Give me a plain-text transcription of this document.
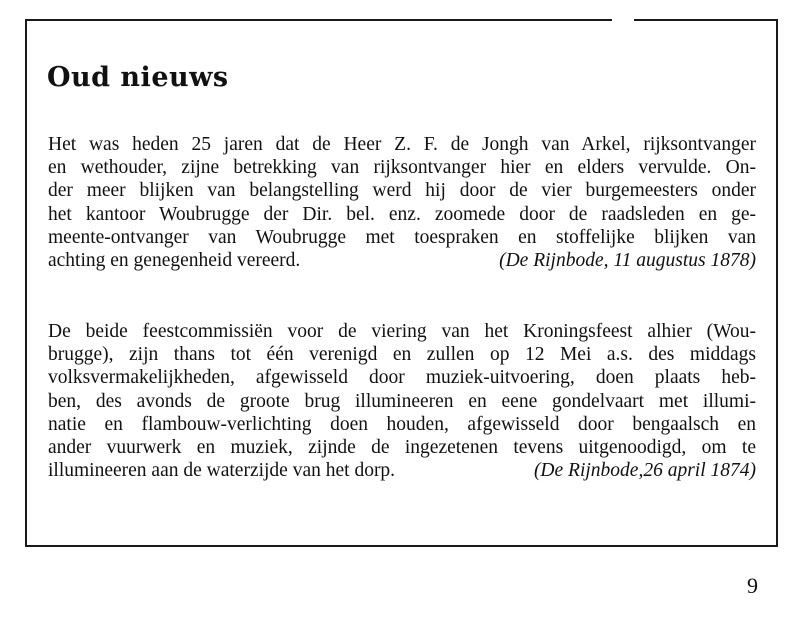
Oud nieuws
Het was heden 25 jaren dat de Heer Z. F. de Jongh van Arkel, rijksontvanger
en wethouder, zijne betrekking van rijksontvanger hier en elders vervulde. On-
der meer blijken van belangstelling werd hij door de vier burgemeesters onder
het kantoor Woubrugge der Dir. bel. enz. zoomede door de raadsleden en ge-
meente-ontvanger van Woubrugge met toespraken en stoffelijke blijken van
achting en genegenheid vereerd.	(De Rijnbode, 11 augustus 1878)
De beide feestcommissiën voor de viering van het Kroningsfeest alhier (Wou-
brugge), zijn thans tot één verenigd en zullen op 12 Mei a.s. des middags
volksvermakelijkheden, afgewisseld door muziek-uitvoering, doen plaats heb-
ben, des avonds de groote brug illumineeren en eene gondelvaart met illumi-
natie en flambouw-verlichting doen houden, afgewisseld door bengaalsch en
ander vuurwerk en muziek, zijnde de ingezetenen tevens uitgenoodigd, om te
illumineeren aan de waterzijde van het dorp.	(De Rijnbode,26 april 1874)
9
